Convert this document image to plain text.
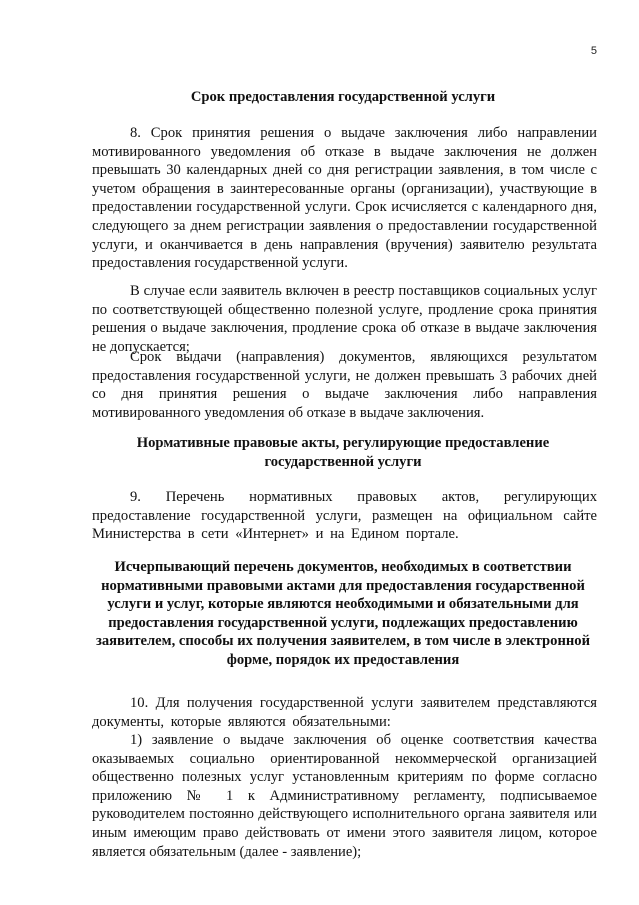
5
Срок предоставления государственной услуги

8. Срок принятия решения о выдаче заключения либо направлении мотивированного уведомления об отказе в выдаче заключения не должен превышать 30 календарных дней со дня регистрации заявления, в том числе с учетом обращения в заинтересованные органы (организации), участвующие в предоставлении государственной услуги. Срок исчисляется с календарного дня, следующего за днем регистрации заявления о предоставлении государственной услуги, и оканчивается в день направления (вручения) заявителю результата предоставления государственной услуги.

В случае если заявитель включен в реестр поставщиков социальных услуг по соответствующей общественно полезной услуге, продление срока принятия решения о выдаче заключения, продление срока об отказе в выдаче заключения не допускается;

Срок выдачи (направления) документов, являющихся результатом предоставления государственной услуги, не должен превышать 3 рабочих дней со дня принятия решения о выдаче заключения либо направления мотивированного уведомления об отказе в выдаче заключения.

Нормативные правовые акты, регулирующие предоставление государственной услуги

9. Перечень нормативных правовых актов, регулирующих предоставление государственной услуги, размещен на официальном сайте Министерства в сети «Интернет» и на Едином портале.

Исчерпывающий перечень документов, необходимых в соответствии нормативными правовыми актами для предоставления государственной услуги и услуг, которые являются необходимыми и обязательными для предоставления государственной услуги, подлежащих предоставлению заявителем, способы их получения заявителем, в том числе в электронной форме, порядок их предоставления

10. Для получения государственной услуги заявителем представляются документы, которые являются обязательными:

1) заявление о выдаче заключения об оценке соответствия качества оказываемых социально ориентированной некоммерческой организацией общественно полезных услуг установленным критериям по форме согласно приложению № 1 к Административному регламенту, подписываемое руководителем постоянно действующего исполнительного органа заявителя или иным имеющим право действовать от имени этого заявителя лицом, которое является обязательным (далее - заявление);
